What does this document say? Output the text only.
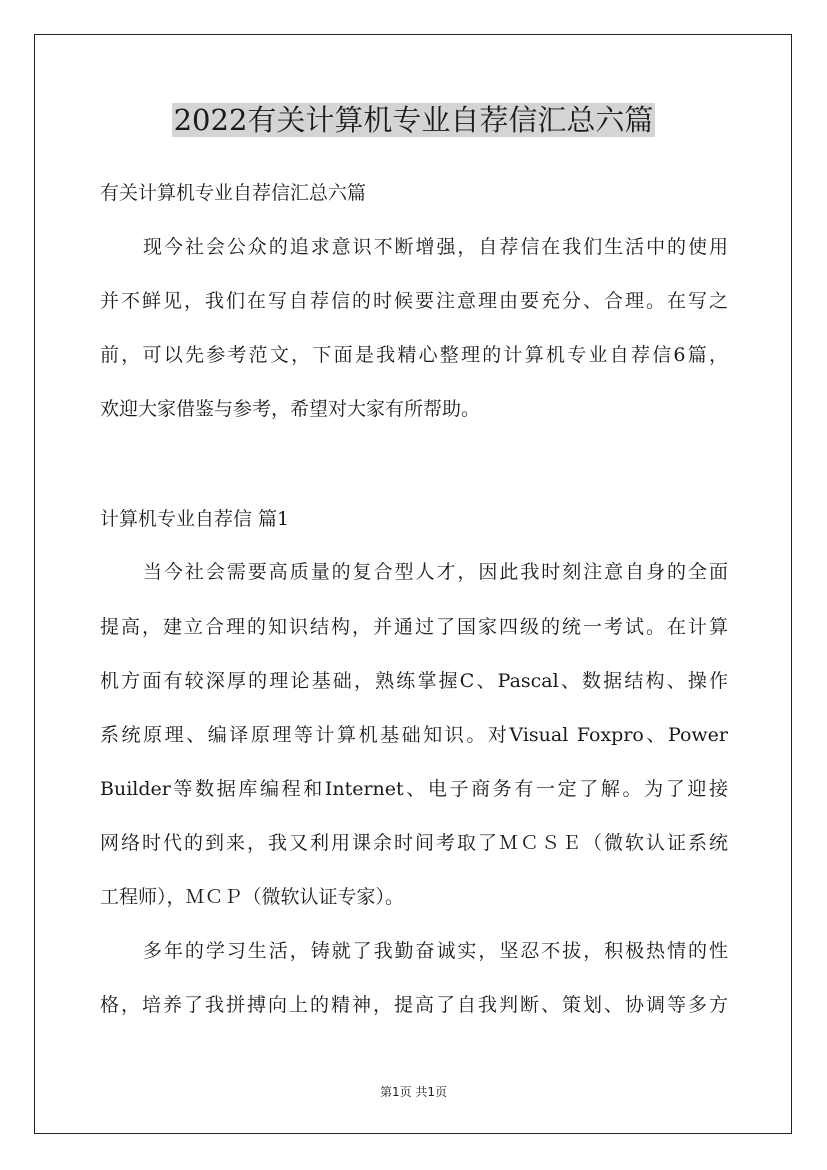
2022有关计算机专业自荐信汇总六篇

有关计算机专业自荐信汇总六篇

现今社会公众的追求意识不断增强，自荐信在我们生活中的使用

并不鲜见，我们在写自荐信的时候要注意理由要充分、合理。在写之

前，可以先参考范文，下面是我精心整理的计算机专业自荐信6篇，

欢迎大家借鉴与参考，希望对大家有所帮助。

计算机专业自荐信 篇1

当今社会需要高质量的复合型人才，因此我时刻注意自身的全面

提高，建立合理的知识结构，并通过了国家四级的统一考试。在计算

机方面有较深厚的理论基础，熟练掌握C、Pascal、数据结构、操作

系统原理、编译原理等计算机基础知识。对Visual Foxpro、Power

Builder等数据库编程和Internet、电子商务有一定了解。为了迎接

网络时代的到来，我又利用课余时间考取了ＭＣＳＥ（微软认证系统

工程师），ＭＣＰ（微软认证专家）。

多年的学习生活，铸就了我勤奋诚实，坚忍不拔，积极热情的性

格，培养了我拼搏向上的精神，提高了自我判断、策划、协调等多方

第1页 共1页
